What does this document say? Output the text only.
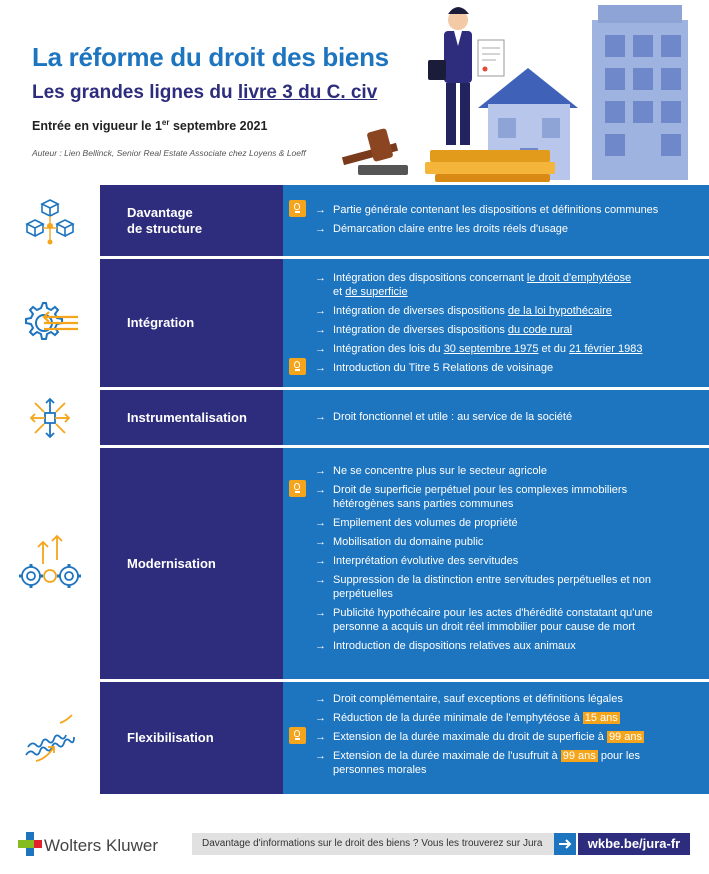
La réforme du droit des biens
Les grandes lignes du livre 3 du C. civ
Entrée en vigueur le 1er septembre 2021
Auteur : Lien Bellinck, Senior Real Estate Associate chez Loyens & Loeff
Davantage
de structure
→ Partie générale contenant les dispositions et définitions communes
→ Démarcation claire entre les droits réels d'usage
Intégration
→ Intégration des dispositions concernant le droit d'emphytéose
et de superficie
→ Intégration de diverses dispositions de la loi hypothécaire
→ Intégration de diverses dispositions du code rural
→ Intégration des lois du 30 septembre 1975 et du 21 février 1983
→ Introduction du Titre 5 Relations de voisinage
Instrumentalisation	→ Droit fonctionnel et utile : au service de la société
Modernisation
→ Ne se concentre plus sur le secteur agricole
→ Droit de superficie perpétuel pour les complexes immobiliers hétérogènes sans parties communes
→ Empilement des volumes de propriété
→ Mobilisation du domaine public
→ Interprétation évolutive des servitudes
→ Suppression de la distinction entre servitudes perpétuelles et non perpétuelles
→ Publicité hypothécaire pour les actes d'hérédité constatant qu'une personne a acquis un droit réel immobilier pour cause de mort
→ Introduction de dispositions relatives aux animaux
Flexibilisation
→ Droit complémentaire, sauf exceptions et définitions légales
→ Réduction de la durée minimale de l'emphytéose à 15 ans
→ Extension de la durée maximale du droit de superficie à 99 ans
→ Extension de la durée maximale de l'usufruit à 99 ans pour les personnes morales
Wolters Kluwer	Davantage d'informations sur le droit des biens ? Vous les trouverez sur Jura	wkbe.be/jura-fr
